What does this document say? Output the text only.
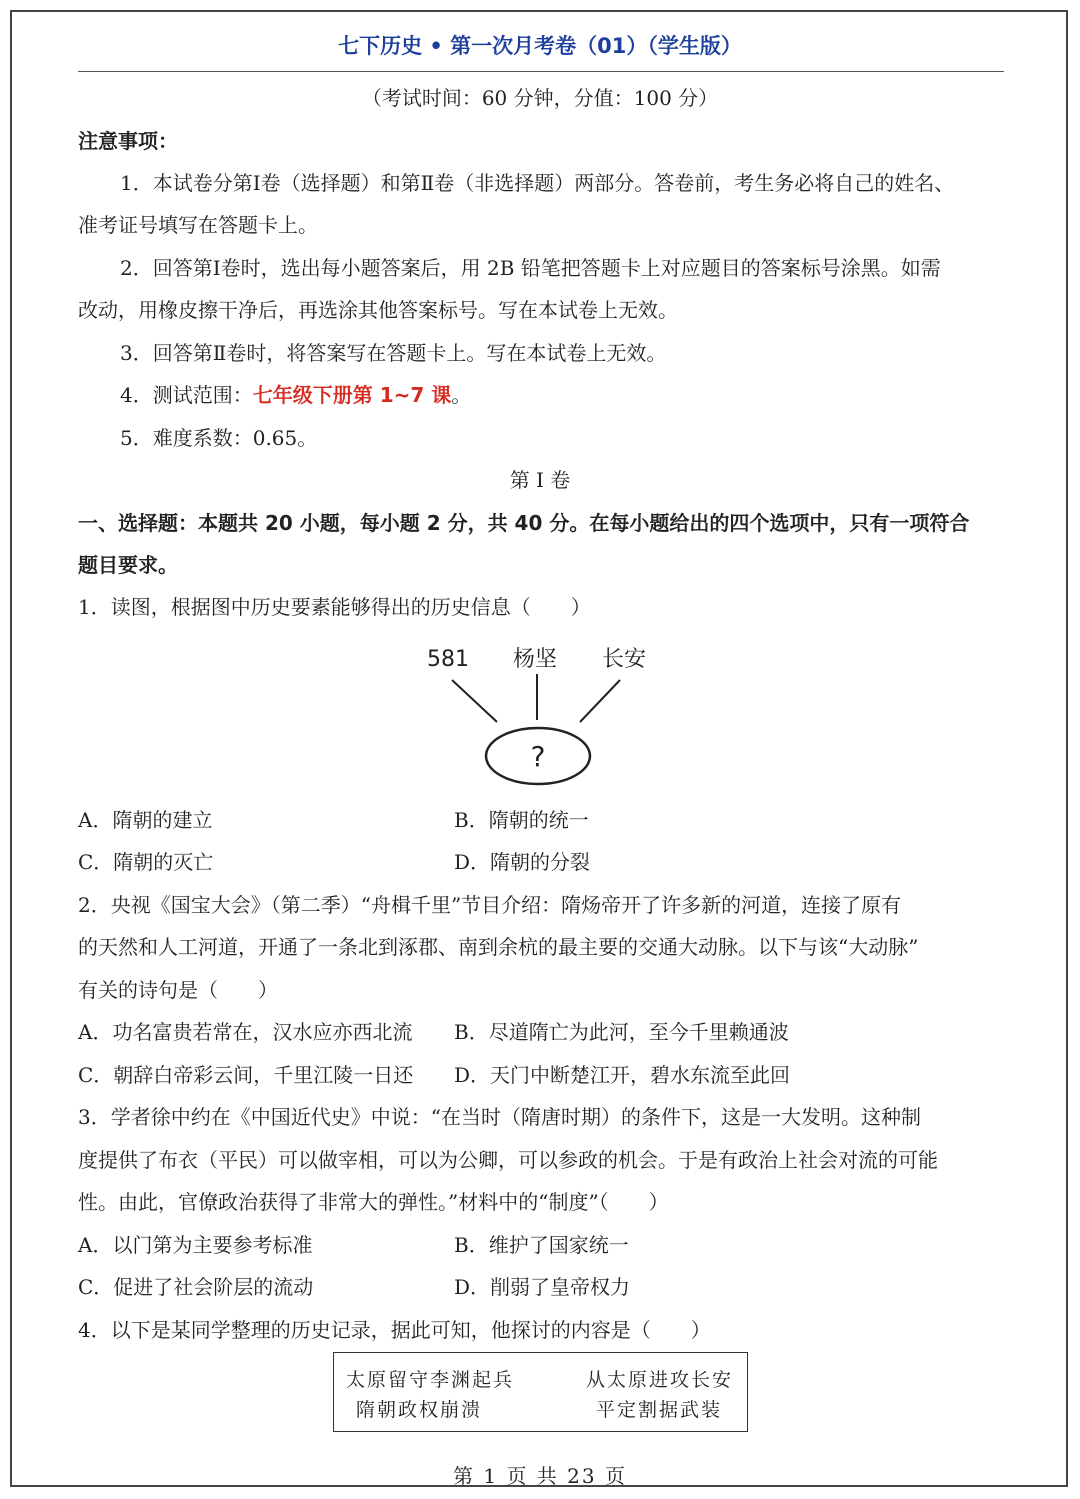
七下历史 • 第一次月考卷（01）（学生版）
（考试时间：60 分钟，分值：100 分）
注意事项：
1．本试卷分第Ⅰ卷（选择题）和第Ⅱ卷（非选择题）两部分。答卷前，考生务必将自己的姓名、
准考证号填写在答题卡上。
2．回答第Ⅰ卷时，选出每小题答案后，用 2B 铅笔把答题卡上对应题目的答案标号涂黑。如需
改动，用橡皮擦干净后，再选涂其他答案标号。写在本试卷上无效。
3．回答第Ⅱ卷时，将答案写在答题卡上。写在本试卷上无效。
4．测试范围：七年级下册第 1~7 课。
5．难度系数：0.65。
第 I 卷
一、选择题：本题共 20 小题，每小题 2 分，共 40 分。在每小题给出的四个选项中，只有一项符合
题目要求。
1．读图，根据图中历史要素能够得出的历史信息（　　）
581 杨坚 长安
?
A．隋朝的建立	B．隋朝的统一
C．隋朝的灭亡	D．隋朝的分裂
2．央视《国宝大会》（第二季）“舟楫千里”节目介绍：隋炀帝开了许多新的河道，连接了原有
的天然和人工河道，开通了一条北到涿郡、南到余杭的最主要的交通大动脉。以下与该“大动脉”
有关的诗句是（　　）
A．功名富贵若常在，汉水应亦西北流 B．尽道隋亡为此河，至今千里赖通波
C．朝辞白帝彩云间，千里江陵一日还 D．天门中断楚江开，碧水东流至此回
3．学者徐中约在《中国近代史》中说：“在当时（隋唐时期）的条件下，这是一大发明。这种制
度提供了布衣（平民）可以做宰相，可以为公卿，可以参政的机会。于是有政治上社会对流的可能
性。由此，官僚政治获得了非常大的弹性。”材料中的“制度”（　　）
A．以门第为主要参考标准	B．维护了国家统一
C．促进了社会阶层的流动	D．削弱了皇帝权力
4．以下是某同学整理的历史记录，据此可知，他探讨的内容是（　　）
太原留守李渊起兵	从太原进攻长安
隋朝政权崩溃	平定割据武装
第 1 页 共 23 页
